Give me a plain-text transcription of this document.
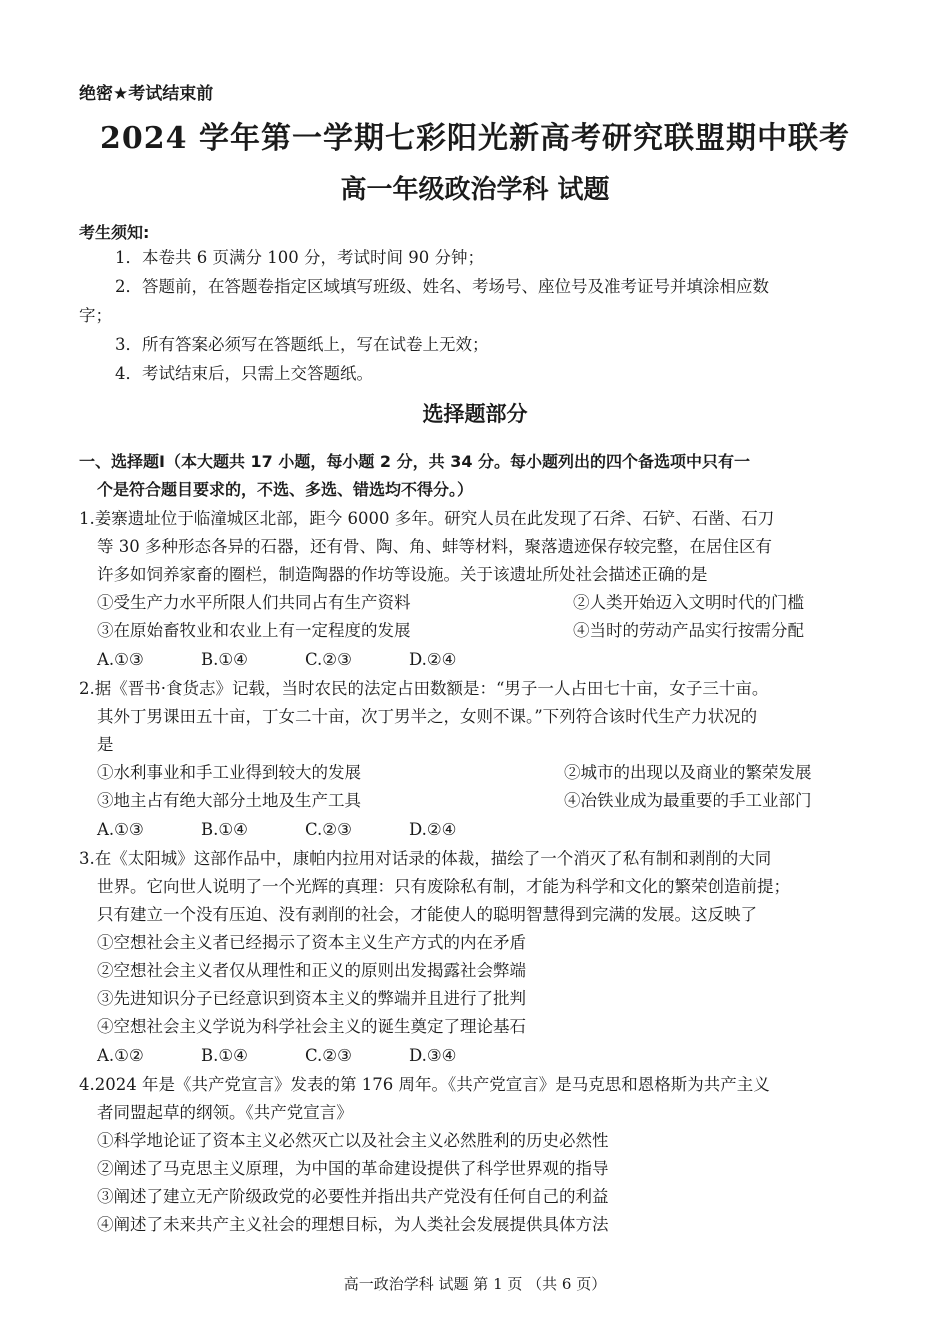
绝密★考试结束前
2024 学年第一学期七彩阳光新高考研究联盟期中联考
高一年级政治学科 试题
考生须知:
1．本卷共 6 页满分 100 分，考试时间 90 分钟；
2．答题前，在答题卷指定区域填写班级、姓名、考场号、座位号及准考证号并填涂相应数
字；
3．所有答案必须写在答题纸上，写在试卷上无效；
4．考试结束后，只需上交答题纸。
选择题部分
一、选择题Ⅰ（本大题共 17 小题，每小题 2 分，共 34 分。每小题列出的四个备选项中只有一
个是符合题目要求的，不选、多选、错选均不得分。）
1.姜寨遗址位于临潼城区北部，距今 6000 多年。研究人员在此发现了石斧、石铲、石凿、石刀
等 30 多种形态各异的石器，还有骨、陶、角、蚌等材料，聚落遗迹保存较完整，在居住区有
许多如饲养家畜的圈栏，制造陶器的作坊等设施。关于该遗址所处社会描述正确的是
①受生产力水平所限人们共同占有生产资料	②人类开始迈入文明时代的门槛
③在原始畜牧业和农业上有一定程度的发展	④当时的劳动产品实行按需分配
A.①③	B.①④	C.②③	D.②④
2.据《晋书·食货志》记载，当时农民的法定占田数额是：“男子一人占田七十亩，女子三十亩。
其外丁男课田五十亩，丁女二十亩，次丁男半之，女则不课。”下列符合该时代生产力状况的
是
①水利事业和手工业得到较大的发展	②城市的出现以及商业的繁荣发展
③地主占有绝大部分土地及生产工具	④冶铁业成为最重要的手工业部门
A.①③	B.①④	C.②③	D.②④
3.在《太阳城》这部作品中，康帕内拉用对话录的体裁，描绘了一个消灭了私有制和剥削的大同
世界。它向世人说明了一个光辉的真理：只有废除私有制，才能为科学和文化的繁荣创造前提；
只有建立一个没有压迫、没有剥削的社会，才能使人的聪明智慧得到完满的发展。这反映了
①空想社会主义者已经揭示了资本主义生产方式的内在矛盾
②空想社会主义者仅从理性和正义的原则出发揭露社会弊端
③先进知识分子已经意识到资本主义的弊端并且进行了批判
④空想社会主义学说为科学社会主义的诞生奠定了理论基石
A.①②	B.①④	C.②③	D.③④
4.2024 年是《共产党宣言》发表的第 176 周年。《共产党宣言》是马克思和恩格斯为共产主义
者同盟起草的纲领。《共产党宣言》
①科学地论证了资本主义必然灭亡以及社会主义必然胜利的历史必然性
②阐述了马克思主义原理，为中国的革命建设提供了科学世界观的指导
③阐述了建立无产阶级政党的必要性并指出共产党没有任何自己的利益
④阐述了未来共产主义社会的理想目标，为人类社会发展提供具体方法
高一政治学科 试题 第 1 页 （共 6 页）
